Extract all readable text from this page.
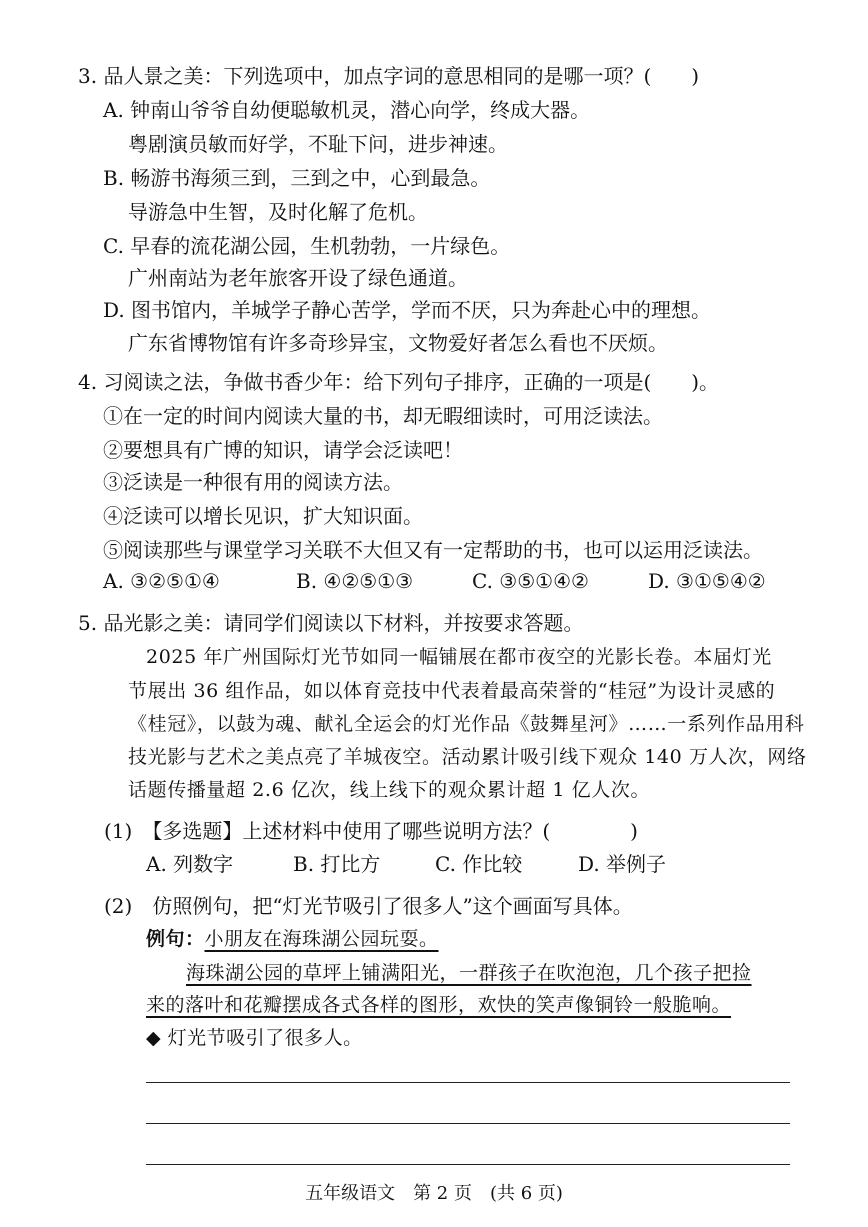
3. 品人景之美：下列选项中，加点字词的意思相同的是哪一项？(　　)
A. 钟南山爷爷自幼便聪敏机灵，潜心向学，终成大器。
粤剧演员敏而好学，不耻下问，进步神速。
B. 畅游书海须三到，三到之中，心到最急。
导游急中生智，及时化解了危机。
C. 早春的流花湖公园，生机勃勃，一片绿色。
广州南站为老年旅客开设了绿色通道。
D. 图书馆内，羊城学子静心苦学，学而不厌，只为奔赴心中的理想。
广东省博物馆有许多奇珍异宝，文物爱好者怎么看也不厌烦。
4. 习阅读之法，争做书香少年：给下列句子排序，正确的一项是(　　)。
①在一定的时间内阅读大量的书，却无暇细读时，可用泛读法。
②要想具有广博的知识，请学会泛读吧！
③泛读是一种很有用的阅读方法。
④泛读可以增长见识，扩大知识面。
⑤阅读那些与课堂学习关联不大但又有一定帮助的书，也可以运用泛读法。
A. ③②⑤①④	B. ④②⑤①③	C. ③⑤①④②	D. ③①⑤④②
5. 品光影之美：请同学们阅读以下材料，并按要求答题。
2025 年广州国际灯光节如同一幅铺展在都市夜空的光影长卷。本届灯光
节展出 36 组作品，如以体育竞技中代表着最高荣誉的“桂冠”为设计灵感的
《桂冠》，以鼓为魂、献礼全运会的灯光作品《鼓舞星河》……一系列作品用科
技光影与艺术之美点亮了羊城夜空。活动累计吸引线下观众 140 万人次，网络
话题传播量超 2.6 亿次，线上线下的观众累计超 1 亿人次。
(1)　【多选题】上述材料中使用了哪些说明方法？(　　　　)
A. 列数字	B. 打比方	C. 作比较	D. 举例子
(2)　仿照例句，把“灯光节吸引了很多人”这个画面写具体。
例句：小朋友在海珠湖公园玩耍。
海珠湖公园的草坪上铺满阳光，一群孩子在吹泡泡，几个孩子把捡
来的落叶和花瓣摆成各式各样的图形，欢快的笑声像铜铃一般脆响。
◆ 灯光节吸引了很多人。
五年级语文　第 2 页　(共 6 页)
